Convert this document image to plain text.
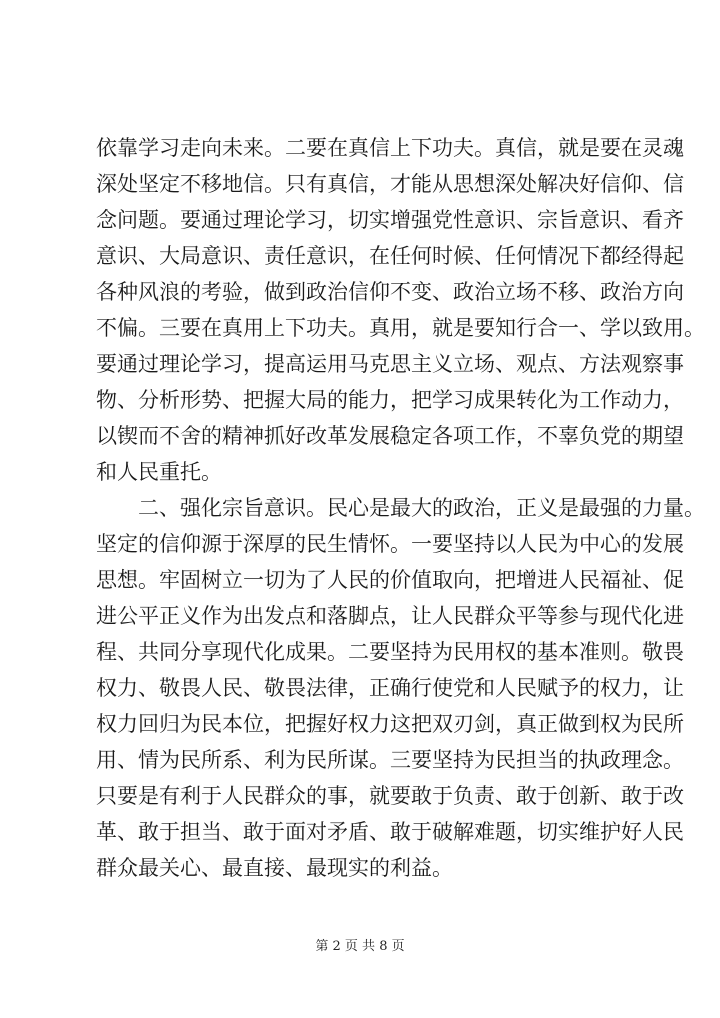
依靠学习走向未来。二要在真信上下功夫。真信，就是要在灵魂
深处坚定不移地信。只有真信，才能从思想深处解决好信仰、信
念问题。要通过理论学习，切实增强党性意识、宗旨意识、看齐
意识、大局意识、责任意识，在任何时候、任何情况下都经得起
各种风浪的考验，做到政治信仰不变、政治立场不移、政治方向
不偏。三要在真用上下功夫。真用，就是要知行合一、学以致用。
要通过理论学习，提高运用马克思主义立场、观点、方法观察事
物、分析形势、把握大局的能力，把学习成果转化为工作动力，
以锲而不舍的精神抓好改革发展稳定各项工作，不辜负党的期望
和人民重托。
二、强化宗旨意识。民心是最大的政治，正义是最强的力量。
坚定的信仰源于深厚的民生情怀。一要坚持以人民为中心的发展
思想。牢固树立一切为了人民的价值取向，把增进人民福祉、促
进公平正义作为出发点和落脚点，让人民群众平等参与现代化进
程、共同分享现代化成果。二要坚持为民用权的基本准则。敬畏
权力、敬畏人民、敬畏法律，正确行使党和人民赋予的权力，让
权力回归为民本位，把握好权力这把双刃剑，真正做到权为民所
用、情为民所系、利为民所谋。三要坚持为民担当的执政理念。
只要是有利于人民群众的事，就要敢于负责、敢于创新、敢于改
革、敢于担当、敢于面对矛盾、敢于破解难题，切实维护好人民
群众最关心、最直接、最现实的利益。
第 2 页 共 8 页
